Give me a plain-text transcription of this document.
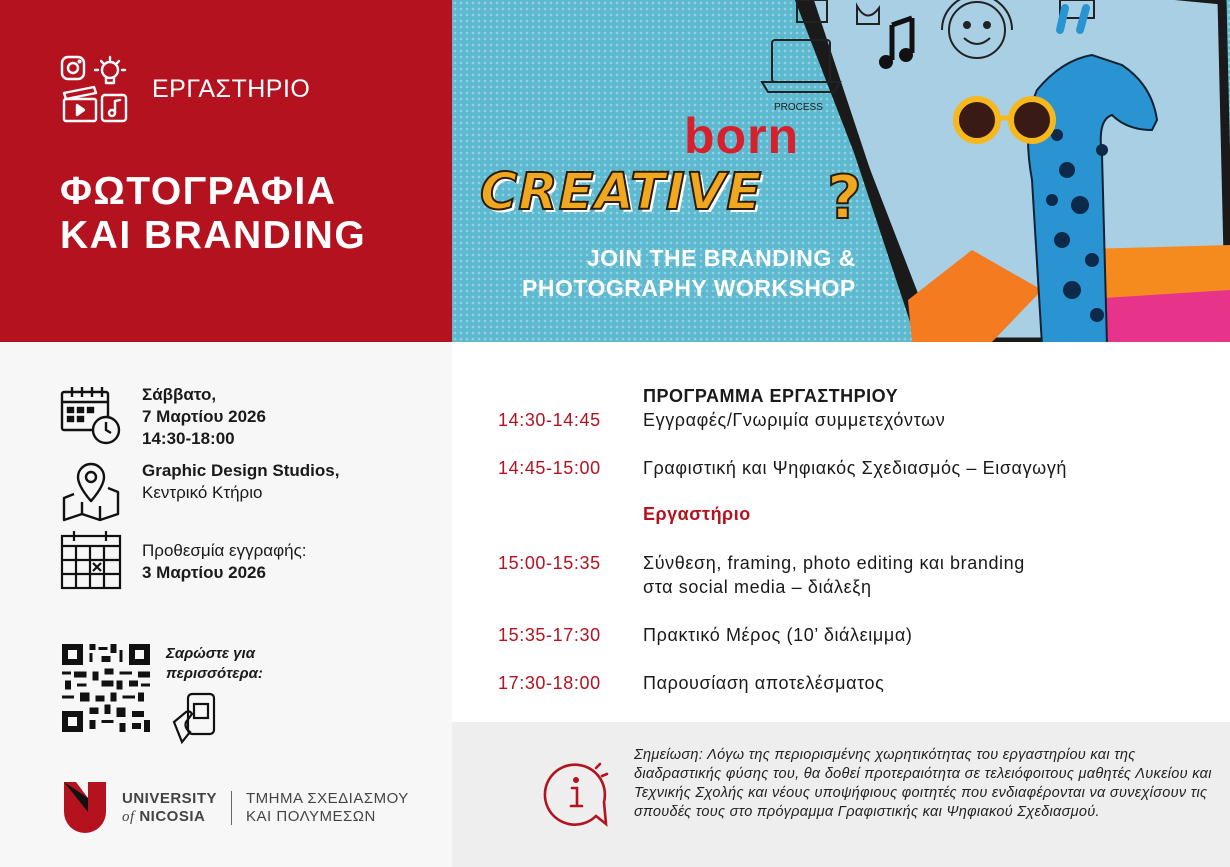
ΕΡΓΑΣΤΗΡΙΟ
ΦΩΤΟΓΡΑΦΙΑ
ΚΑΙ BRANDING
PROCESS
born
CREATIVE ?
JOIN THE BRANDING &
PHOTOGRAPHY WORKSHOP
Σάββατο,
7 Μαρτίου 2026
14:30-18:00
Graphic Design Studios,
Κεντρικό Κτήριο
Προθεσμία εγγραφής:
3 Μαρτίου 2026
Σαρώστε για
περισσότερα:
UNIVERSITY
of NICOSIA
ΤΜΗΜΑ ΣΧΕΔΙΑΣΜΟΥ
ΚΑΙ ΠΟΛΥΜΕΣΩΝ
ΠΡΟΓΡΑΜΜΑ ΕΡΓΑΣΤΗΡΙΟΥ
14:30-14:45	Εγγραφές/Γνωριμία συμμετεχόντων
14:45-15:00	Γραφιστική και Ψηφιακός Σχεδιασμός – Εισαγωγή
Εργαστήριο
15:00-15:35	Σύνθεση, framing, photo editing και branding
στα social media – διάλεξη
15:35-17:30	Πρακτικό Μέρος (10’ διάλειμμα)
17:30-18:00	Παρουσίαση αποτελέσματος
Σημείωση: Λόγω της περιορισμένης χωρητικότητας του εργαστηρίου και της διαδραστικής φύσης του, θα δοθεί προτεραιότητα σε τελειόφοιτους μαθητές Λυκείου και Τεχνικής Σχολής και νέους υποψήφιους φοιτητές που ενδιαφέρονται να συνεχίσουν τις σπουδές τους στο πρόγραμμα Γραφιστικής και Ψηφιακού Σχεδιασμού.
